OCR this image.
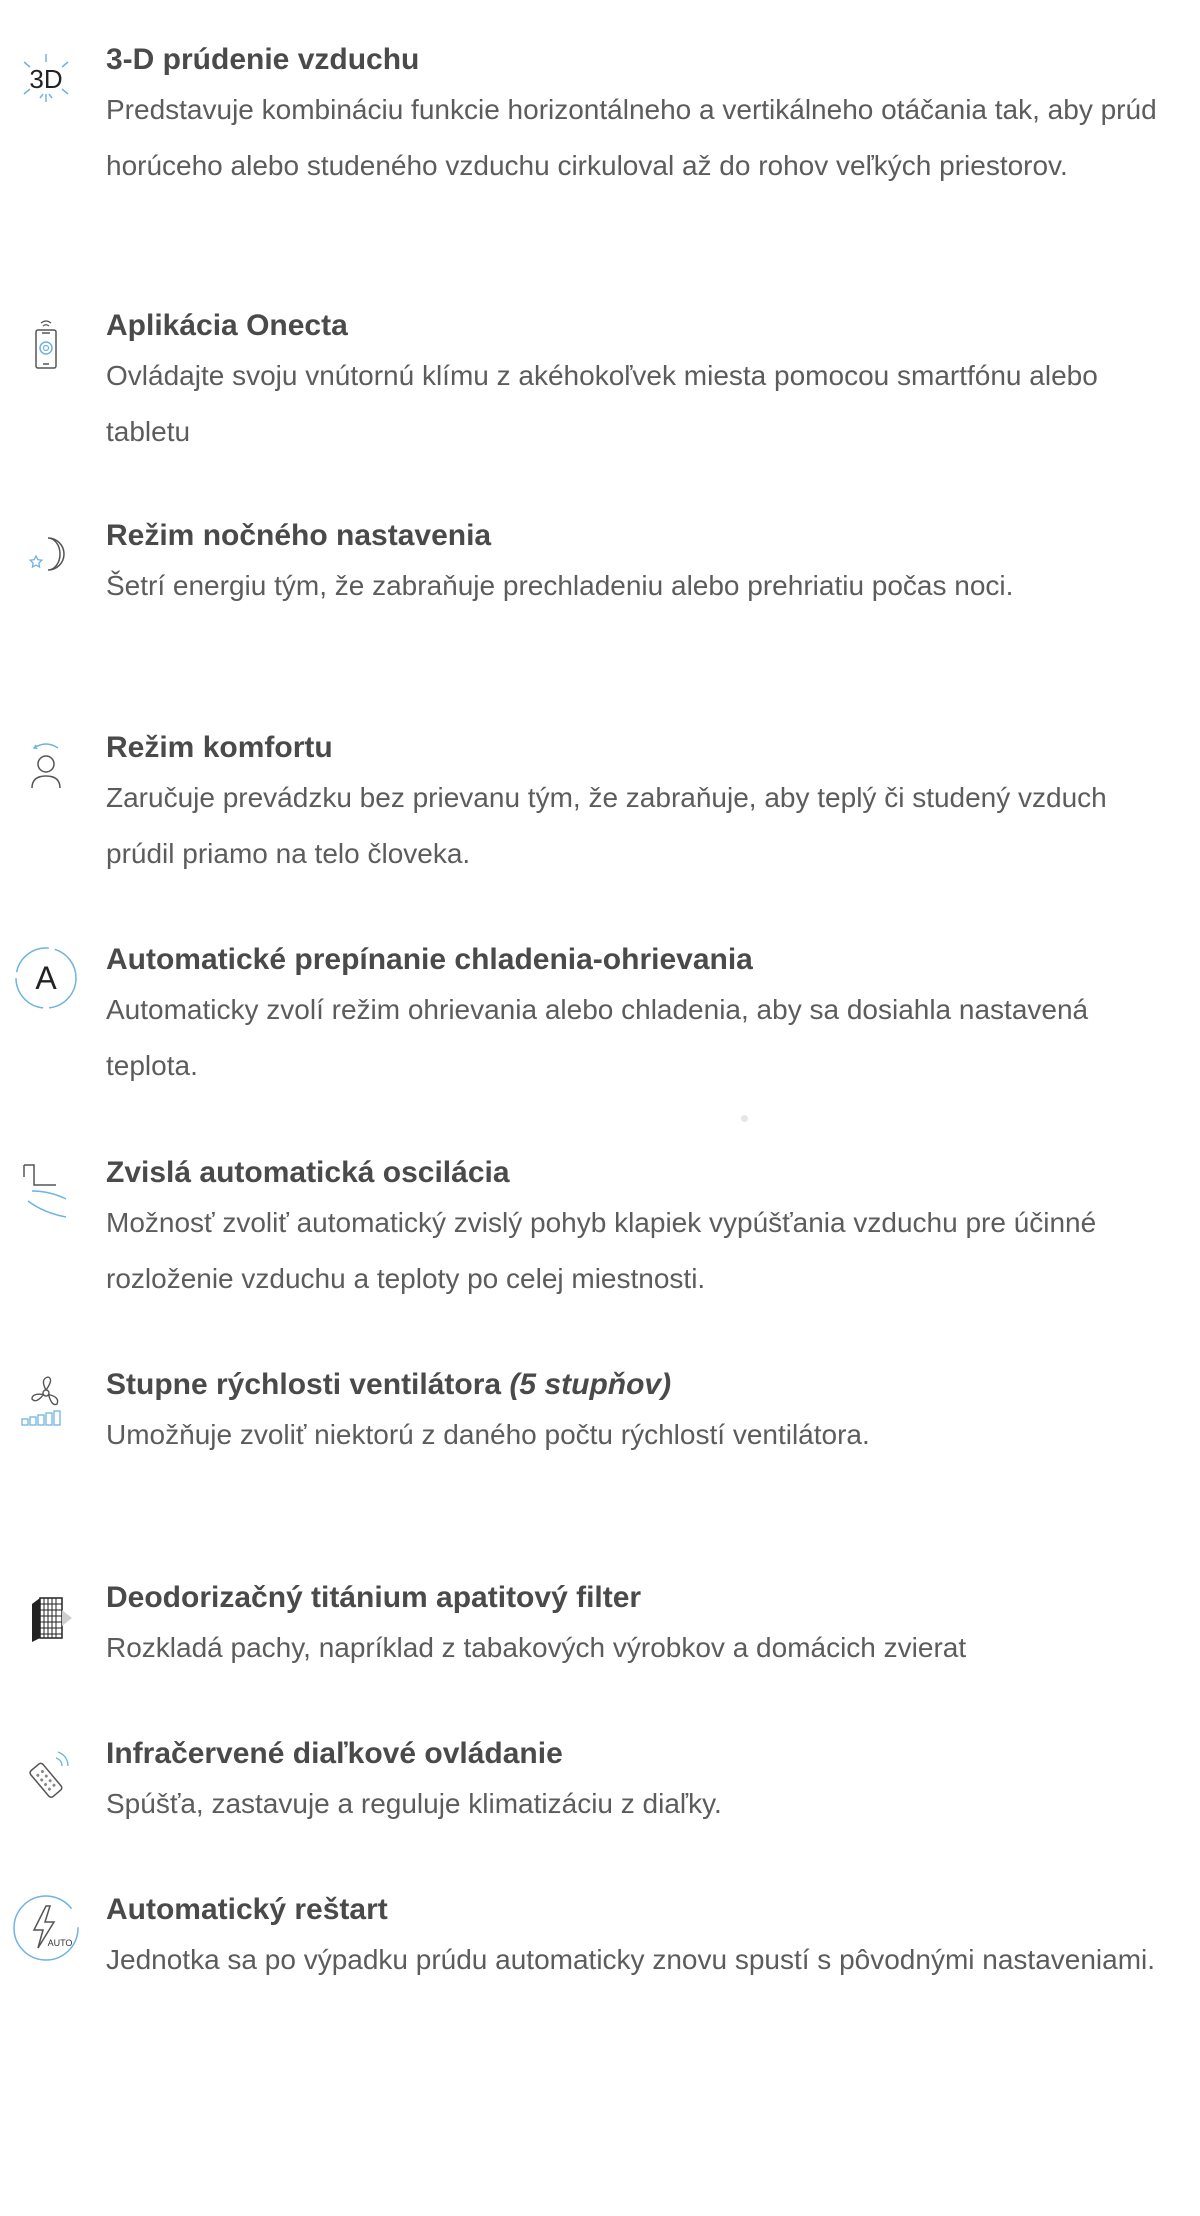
3D
3-D prúdenie vzduchu

Predstavuje kombináciu funkcie horizontálneho a vertikálneho otáčania tak, aby prúd horúceho alebo studeného vzduchu cirkuloval až do rohov veľkých priestorov.

Aplikácia Onecta

Ovládajte svoju vnútornú klímu z akéhokoľvek miesta pomocou smartfónu alebo tabletu

Režim nočného nastavenia

Šetrí energiu tým, že zabraňuje prechladeniu alebo prehriatiu počas noci.

Režim komfortu

Zaručuje prevádzku bez prievanu tým, že zabraňuje, aby teplý či studený vzduch prúdil priamo na telo človeka.

A
Automatické prepínanie chladenia-ohrievania

Automaticky zvolí režim ohrievania alebo chladenia, aby sa dosiahla nastavená teplota.

Zvislá automatická oscilácia

Možnosť zvoliť automatický zvislý pohyb klapiek vypúšťania vzduchu pre účinné rozloženie vzduchu a teploty po celej miestnosti.

Stupne rýchlosti ventilátora (5 stupňov)

Umožňuje zvoliť niektorú z daného počtu rýchlostí ventilátora.

Deodorizačný titánium apatitový filter

Rozkladá pachy, napríklad z tabakových výrobkov a domácich zvierat

Infračervené diaľkové ovládanie

Spúšťa, zastavuje a reguluje klimatizáciu z diaľky.

AUTO
Automatický reštart

Jednotka sa po výpadku prúdu automaticky znovu spustí s pôvodnými nastaveniami.
